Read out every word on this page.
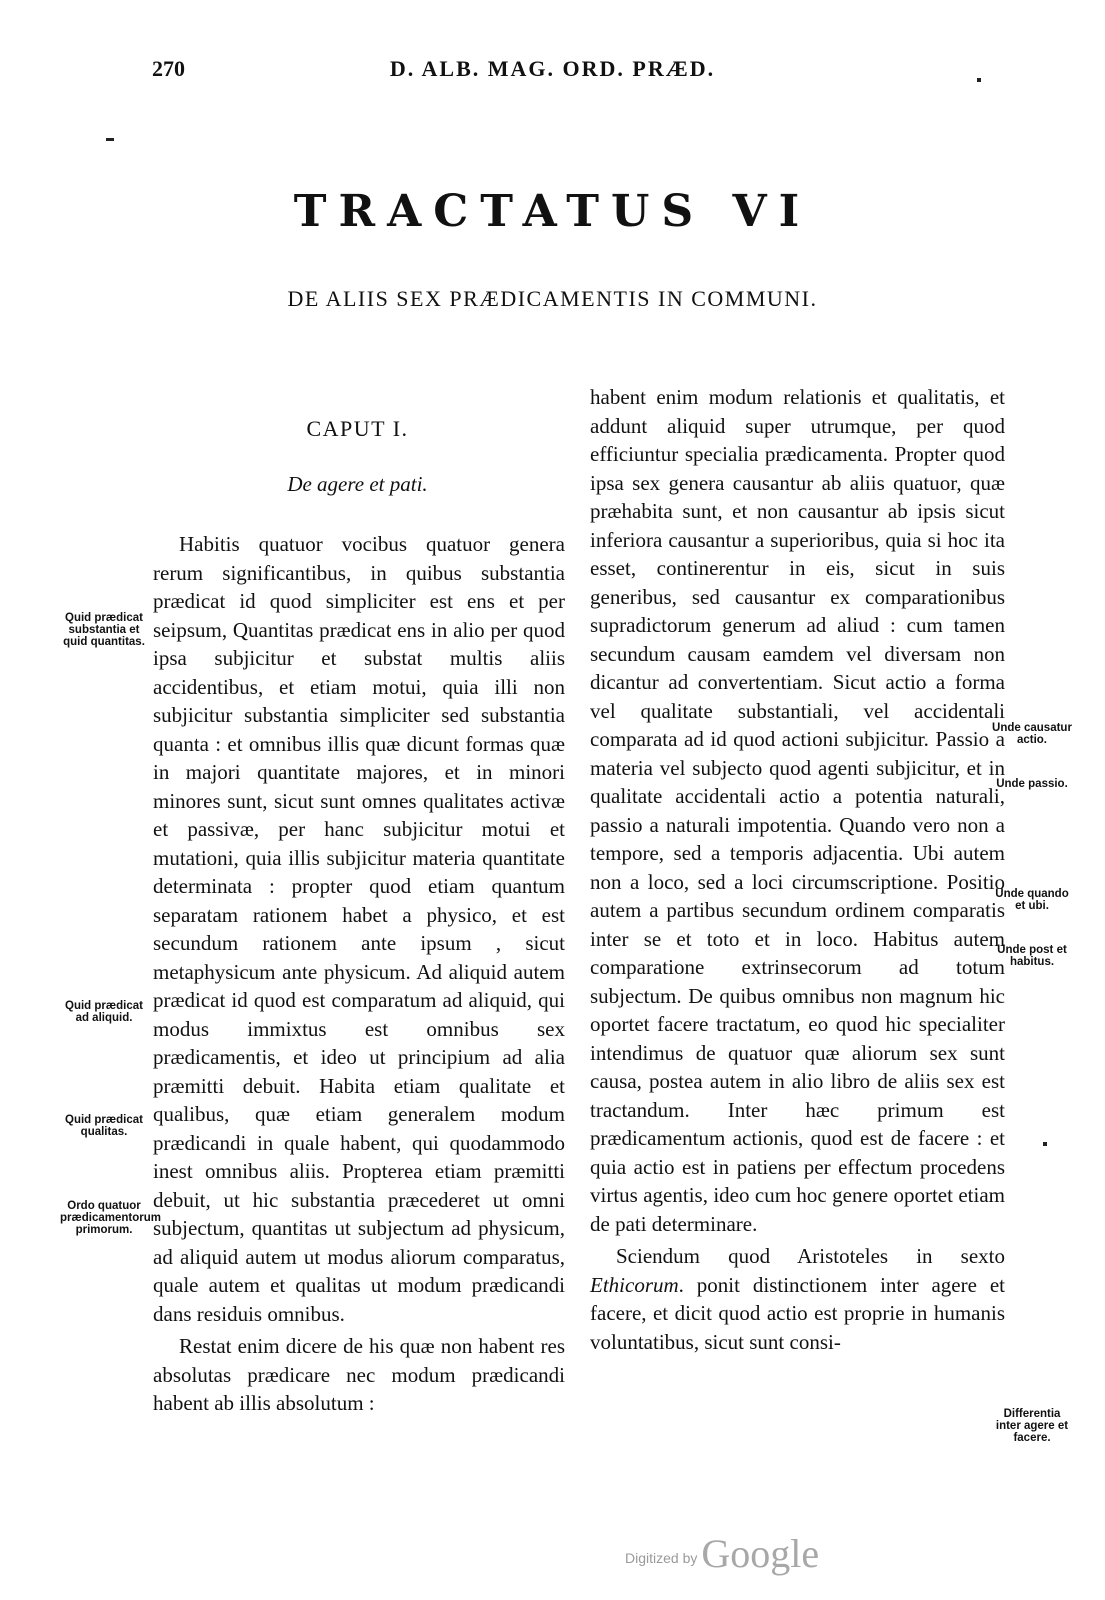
270	D. ALB. MAG. ORD. PRÆD.
TRACTATUS VI
DE ALIIS SEX PRÆDICAMENTIS IN COMMUNI.
CAPUT I.
De agere et pati.

Habitis quatuor vocibus quatuor genera rerum significantibus, in quibus substantia prædicat id quod simpliciter est ens et per seipsum, Quantitas prædicat ens in alio per quod ipsa subjicitur et substat multis aliis accidentibus, et etiam motui, quia illi non subjicitur substantia simpliciter sed substantia quanta : et omnibus illis quæ dicunt formas quæ in majori quantitate majores, et in minori minores sunt, sicut sunt omnes qualitates activæ et passivæ, per hanc subjicitur motui et mutationi, quia illis subjicitur materia quantitate determinata : propter quod etiam quantum separatam rationem habet a physico, et est secundum rationem ante ipsum , sicut metaphysicum ante physicum. Ad aliquid autem prædicat id quod est comparatum ad aliquid, qui modus immixtus est omnibus sex prædicamentis, et ideo ut principium ad alia præmitti debuit. Habita etiam qualitate et qualibus, quæ etiam generalem modum prædicandi in quale habent, qui quodammodo inest omnibus aliis. Propterea etiam præmitti debuit, ut hic substantia præcederet ut omni subjectum, quantitas ut subjectum ad physicum, ad aliquid autem ut modus aliorum comparatus, quale autem et qualitas ut modum prædicandi dans residuis omnibus.

Restat enim dicere de his quæ non habent res absolutas prædicare nec modum prædicandi habent ab illis absolutum :

habent enim modum relationis et qualitatis, et addunt aliquid super utrumque, per quod efficiuntur specialia prædicamenta. Propter quod ipsa sex genera causantur ab aliis quatuor, quæ præhabita sunt, et non causantur ab ipsis sicut inferiora causantur a superioribus, quia si hoc ita esset, continerentur in eis, sicut in suis generibus, sed causantur ex comparationibus supradictorum generum ad aliud : cum tamen secundum causam eamdem vel diversam non dicantur ad convertentiam. Sicut actio a forma vel qualitate substantiali, vel accidentali comparata ad id quod actioni subjicitur. Passio a materia vel subjecto quod agenti subjicitur, et in qualitate accidentali actio a potentia naturali, passio a naturali impotentia. Quando vero non a tempore, sed a temporis adjacentia. Ubi autem non a loco, sed a loci circumscriptione. Positio autem a partibus secundum ordinem comparatis inter se et toto et in loco. Habitus autem comparatione extrinsecorum ad totum subjectum. De quibus omnibus non magnum hic oportet facere tractatum, eo quod hic specialiter intendimus de quatuor quæ aliorum sex sunt causa, postea autem in alio libro de aliis sex est tractandum. Inter hæc primum est prædicamentum actionis, quod est de facere : et quia actio est in patiens per effectum procedens virtus agentis, ideo cum hoc genere oportet etiam de pati determinare.

Sciendum quod Aristoteles in sexto Ethicorum. ponit distinctionem inter agere et facere, et dicit quod actio est proprie in humanis voluntatibus, sicut sunt consi-

Quid prædicat substantia et quid quantitas.
Quid prædicat ad aliquid.
Quid prædicat qualitas.
Ordo quatuor prædicamentorum primorum.
Unde causatur actio.
Unde passio.
Unde quando et ubi.
Unde post et habitus.
Differentia inter agere et facere.
Digitized by Google
